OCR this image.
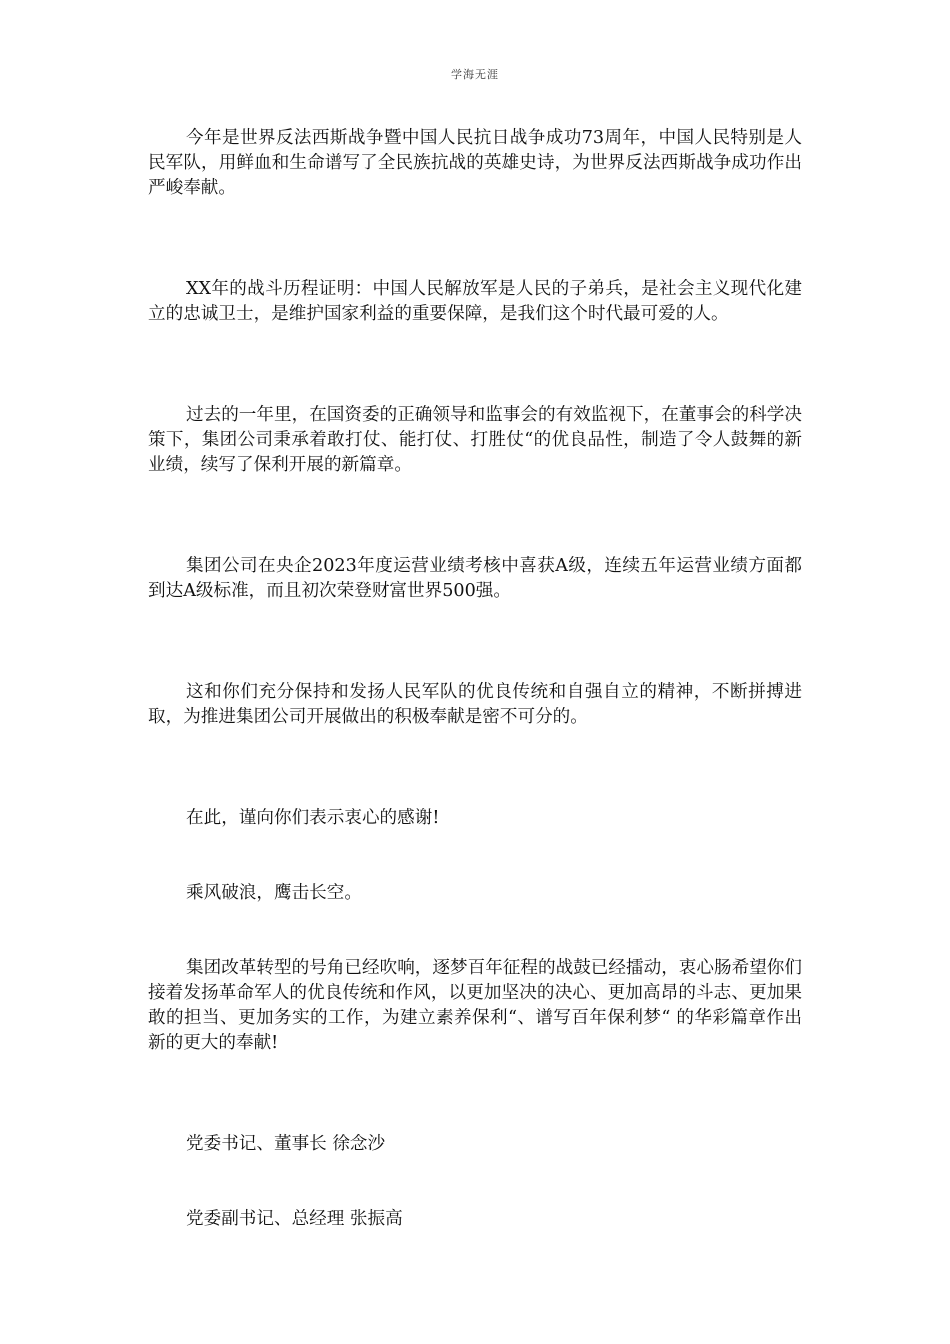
学海无涯

今年是世界反法西斯战争暨中国人民抗日战争成功73周年，中国人民特别是人民军队，用鲜血和生命谱写了全民族抗战的英雄史诗，为世界反法西斯战争成功作出严峻奉献。

XX年的战斗历程证明：中国人民解放军是人民的子弟兵，是社会主义现代化建立的忠诚卫士，是维护国家利益的重要保障，是我们这个时代最可爱的人。

过去的一年里，在国资委的正确领导和监事会的有效监视下，在董事会的科学决策下，集团公司秉承着敢打仗、能打仗、打胜仗“的优良品性，制造了令人鼓舞的新业绩，续写了保利开展的新篇章。

集团公司在央企2023年度运营业绩考核中喜获A级，连续五年运营业绩方面都到达A级标准，而且初次荣登财富世界500强。

这和你们充分保持和发扬人民军队的优良传统和自强自立的精神，不断拼搏进取，为推进集团公司开展做出的积极奉献是密不可分的。

在此，谨向你们表示衷心的感谢!

乘风破浪，鹰击长空。

集团改革转型的号角已经吹响，逐梦百年征程的战鼓已经擂动，衷心肠希望你们接着发扬革命军人的优良传统和作风，以更加坚决的决心、更加高昂的斗志、更加果敢的担当、更加务实的工作，为建立素养保利“、谱写百年保利梦“ 的华彩篇章作出新的更大的奉献!

党委书记、董事长 徐念沙

党委副书记、总经理 张振高
